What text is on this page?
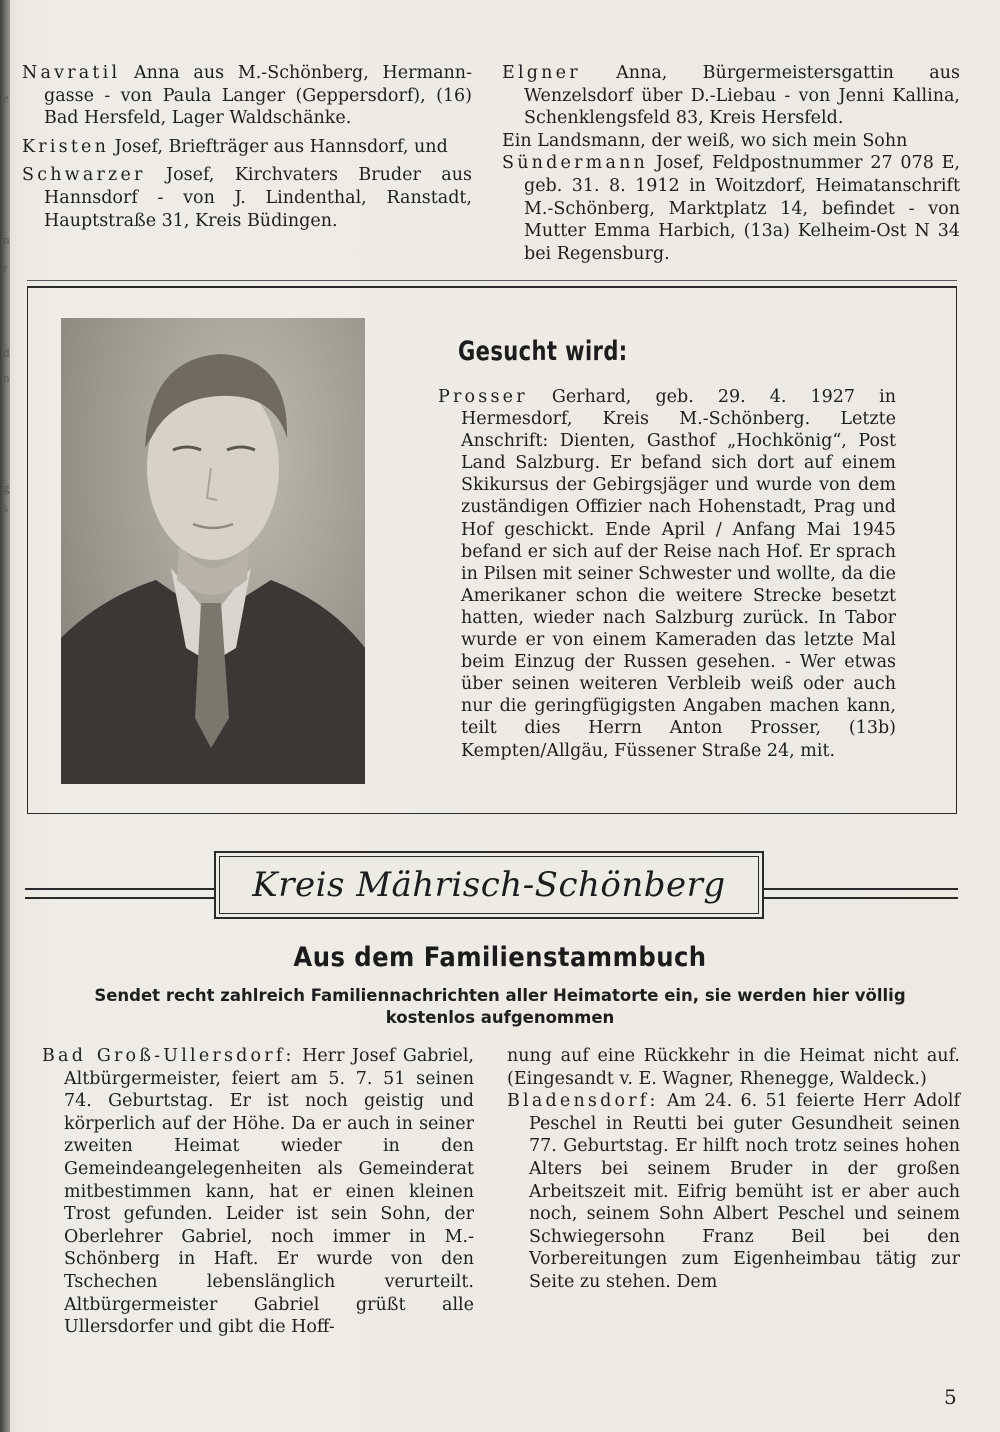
e
n
r
d
n
g
s

Navratil Anna aus M.-Schönberg, Hermann-gasse - von Paula Langer (Geppersdorf), (16) Bad Hersfeld, Lager Waldschänke.

Kristen Josef, Briefträger aus Hannsdorf, und

Schwarzer Josef, Kirchvaters Bruder aus Hannsdorf - von J. Lindenthal, Ranstadt, Hauptstraße 31, Kreis Büdingen.

Elgner Anna, Bürgermeistersgattin aus Wenzelsdorf über D.-Liebau - von Jenni Kallina, Schenklengsfeld 83, Kreis Hersfeld.

Ein Landsmann, der weiß, wo sich mein Sohn

Sündermann Josef, Feldpostnummer 27 078 E, geb. 31. 8. 1912 in Woitzdorf, Heimatanschrift M.-Schönberg, Marktplatz 14, befindet - von Mutter Emma Harbich, (13a) Kelheim-Ost N 34 bei Regensburg.

Gesucht wird:

Prosser Gerhard, geb. 29. 4. 1927 in Hermesdorf, Kreis M.-Schönberg. Letzte Anschrift: Dienten, Gasthof „Hochkönig“, Post Land Salzburg. Er befand sich dort auf einem Skikursus der Gebirgsjäger und wurde von dem zuständigen Offizier nach Hohenstadt, Prag und Hof geschickt. Ende April / Anfang Mai 1945 befand er sich auf der Reise nach Hof. Er sprach in Pilsen mit seiner Schwester und wollte, da die Amerikaner schon die weitere Strecke besetzt hatten, wieder nach Salzburg zurück. In Tabor wurde er von einem Kameraden das letzte Mal beim Einzug der Russen gesehen. - Wer etwas über seinen weiteren Verbleib weiß oder auch nur die geringfügigsten Angaben machen kann, teilt dies Herrn Anton Prosser, (13b) Kempten/Allgäu, Füssener Straße 24, mit.

Kreis Mährisch-Schönberg
Aus dem Familienstammbuch
Sendet recht zahlreich Familiennachrichten aller Heimatorte ein, sie werden hier völlig kostenlos aufgenommen

Bad Groß-Ullersdorf: Herr Josef Gabriel, Altbürgermeister, feiert am 5. 7. 51 seinen 74. Geburtstag. Er ist noch geistig und körperlich auf der Höhe. Da er auch in seiner zweiten Heimat wieder in den Gemeindeangelegenheiten als Gemeinderat mitbestimmen kann, hat er einen kleinen Trost gefunden. Leider ist sein Sohn, der Oberlehrer Gabriel, noch immer in M.-Schönberg in Haft. Er wurde von den Tschechen lebenslänglich verurteilt. Altbürgermeister Gabriel grüßt alle Ullersdorfer und gibt die Hoff-

nung auf eine Rückkehr in die Heimat nicht auf. (Eingesandt v. E. Wagner, Rhenegge, Waldeck.)

Bladensdorf: Am 24. 6. 51 feierte Herr Adolf Peschel in Reutti bei guter Gesundheit seinen 77. Geburtstag. Er hilft noch trotz seines hohen Alters bei seinem Bruder in der großen Arbeitszeit mit. Eifrig bemüht ist er aber auch noch, seinem Sohn Albert Peschel und seinem Schwiegersohn Franz Beil bei den Vorbereitungen zum Eigenheimbau tätig zur Seite zu stehen. Dem

5
